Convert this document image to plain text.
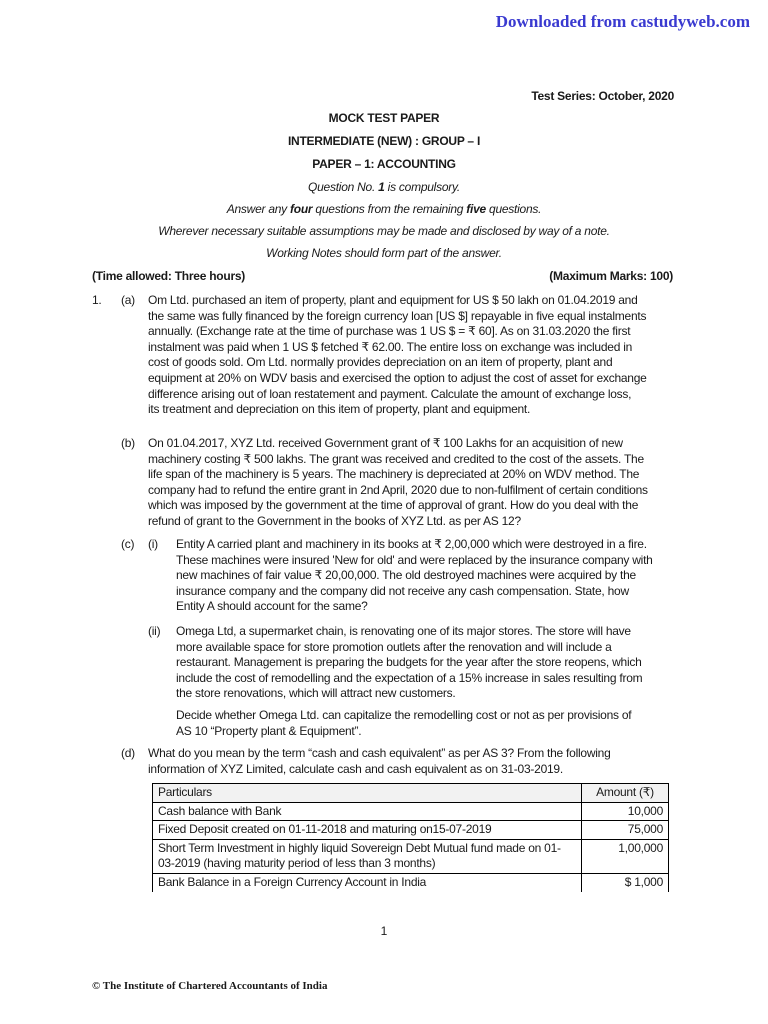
Downloaded from castudyweb.com
Test Series: October, 2020
MOCK TEST PAPER
INTERMEDIATE (NEW) : GROUP – I
PAPER – 1: ACCOUNTING
Question No. 1 is compulsory.
Answer any four questions from the remaining five questions.
Wherever necessary suitable assumptions may be made and disclosed by way of a note.
Working Notes should form part of the answer.
(Time allowed: Three hours)	(Maximum Marks: 100)
1. (a) Om Ltd. purchased an item of property, plant and equipment for US $ 50 lakh on 01.04.2019 and
the same was fully financed by the foreign currency loan [US $] repayable in five equal instalments
annually. (Exchange rate at the time of purchase was 1 US $ = ₹ 60]. As on 31.03.2020 the first
instalment was paid when 1 US $ fetched ₹ 62.00. The entire loss on exchange was included in
cost of goods sold. Om Ltd. normally provides depreciation on an item of property, plant and
equipment at 20% on WDV basis and exercised the option to adjust the cost of asset for exchange
difference arising out of loan restatement and payment. Calculate the amount of exchange loss,
its treatment and depreciation on this item of property, plant and equipment.
(b) On 01.04.2017, XYZ Ltd. received Government grant of ₹ 100 Lakhs for an acquisition of new
machinery costing ₹ 500 lakhs. The grant was received and credited to the cost of the assets. The
life span of the machinery is 5 years. The machinery is depreciated at 20% on WDV method. The
company had to refund the entire grant in 2nd April, 2020 due to non-fulfilment of certain conditions
which was imposed by the government at the time of approval of grant. How do you deal with the
refund of grant to the Government in the books of XYZ Ltd. as per AS 12?
(c) (i) Entity A carried plant and machinery in its books at ₹ 2,00,000 which were destroyed in a fire.
These machines were insured 'New for old' and were replaced by the insurance company with
new machines of fair value ₹ 20,00,000. The old destroyed machines were acquired by the
insurance company and the company did not receive any cash compensation. State, how
Entity A should account for the same?
(ii) Omega Ltd, a supermarket chain, is renovating one of its major stores. The store will have
more available space for store promotion outlets after the renovation and will include a
restaurant. Management is preparing the budgets for the year after the store reopens, which
include the cost of remodelling and the expectation of a 15% increase in sales resulting from
the store renovations, which will attract new customers.
Decide whether Omega Ltd. can capitalize the remodelling cost or not as per provisions of
AS 10 “Property plant & Equipment”.
(d) What do you mean by the term “cash and cash equivalent” as per AS 3? From the following
information of XYZ Limited, calculate cash and cash equivalent as on 31-03-2019.
Particulars	Amount (₹)
Cash balance with Bank	10,000
Fixed Deposit created on 01-11-2018 and maturing on15-07-2019	75,000
Short Term Investment in highly liquid Sovereign Debt Mutual fund made on 01-03-2019 (having maturity period of less than 3 months)	1,00,000
Bank Balance in a Foreign Currency Account in India	$ 1,000
1
© The Institute of Chartered Accountants of India
